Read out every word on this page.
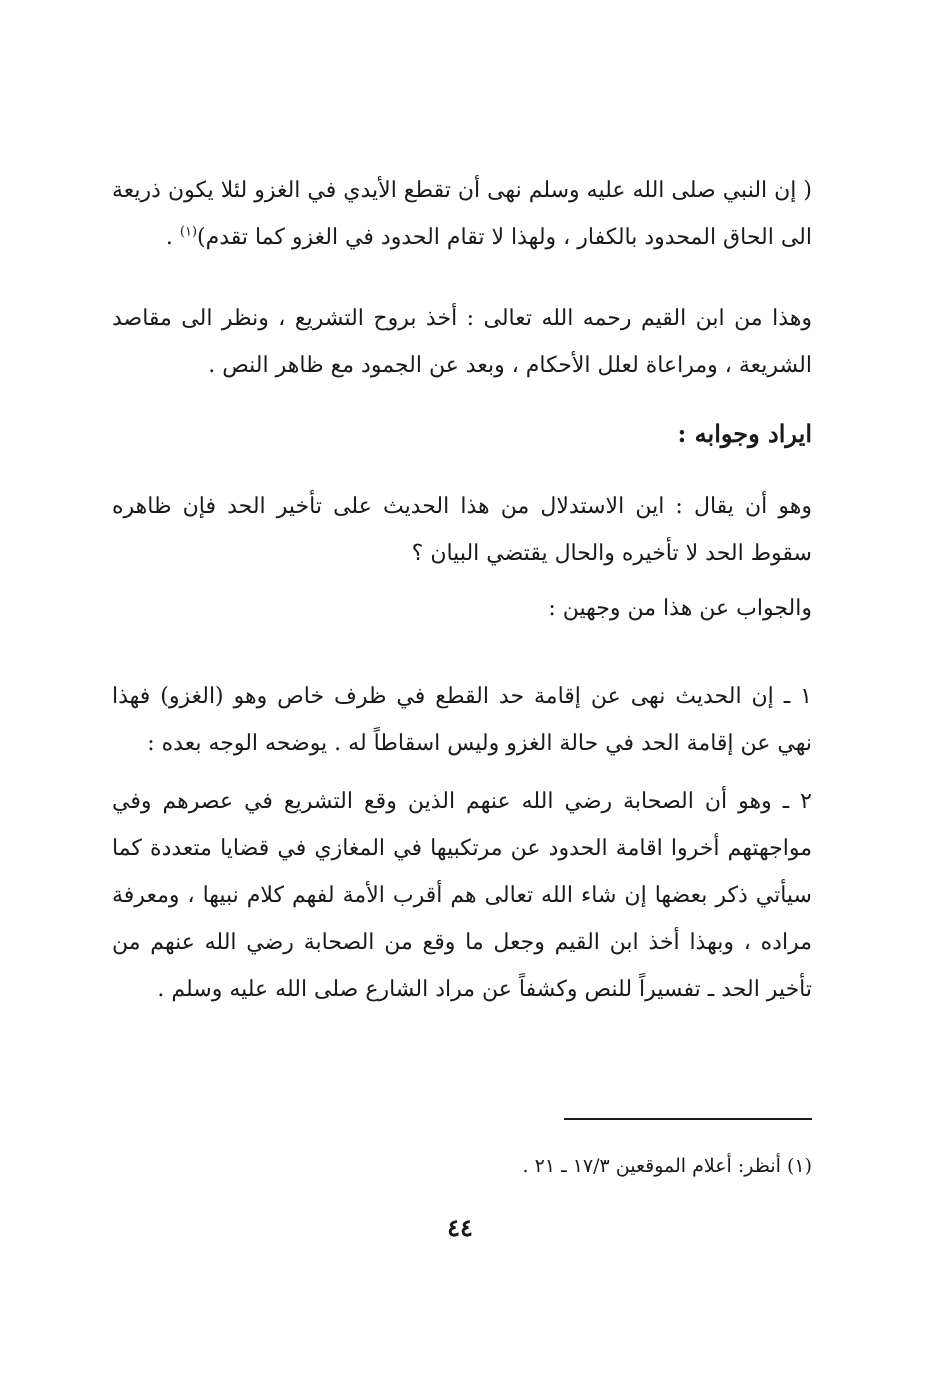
( إن النبي صلى الله عليه وسلم نهى أن تقطع الأيدي في الغزو لئلا يكون ذريعة الى الحاق المحدود بالكفار ، ولهذا لا تقام الحدود في الغزو كما تقدم)$^{(١)}$ .

وهذا من ابن القيم رحمه الله تعالى : أخذ بروح التشريع ، ونظر الى مقاصد الشريعة ، ومراعاة لعلل الأحكام ، وبعد عن الجمود مع ظاهر النص .

ايراد وجوابه :

وهو أن يقال : اين الاستدلال من هذا الحديث على تأخير الحد فإن ظاهره سقوط الحد لا تأخيره والحال يقتضي البيان ؟

والجواب عن هذا من وجهين :

١ ـ إن الحديث نهى عن إقامة حد القطع في ظرف خاص وهو (الغزو) فهذا نهي عن إقامة الحد في حالة الغزو وليس اسقاطاً له . يوضحه الوجه بعده :

٢ ـ وهو أن الصحابة رضي الله عنهم الذين وقع التشريع في عصرهم وفي مواجهتهم أخروا اقامة الحدود عن مرتكبيها في المغازي في قضايا متعددة كما سيأتي ذكر بعضها إن شاء الله تعالى هم أقرب الأمة لفهم كلام نبيها ، ومعرفة مراده ، وبهذا أخذ ابن القيم وجعل ما وقع من الصحابة رضي الله عنهم من تأخير الحد ـ تفسيراً للنص وكشفاً عن مراد الشارع صلى الله عليه وسلم .

(١) أنظر: أعلام الموقعين ١٧/٣ ـ ٢١ .
٤٤
